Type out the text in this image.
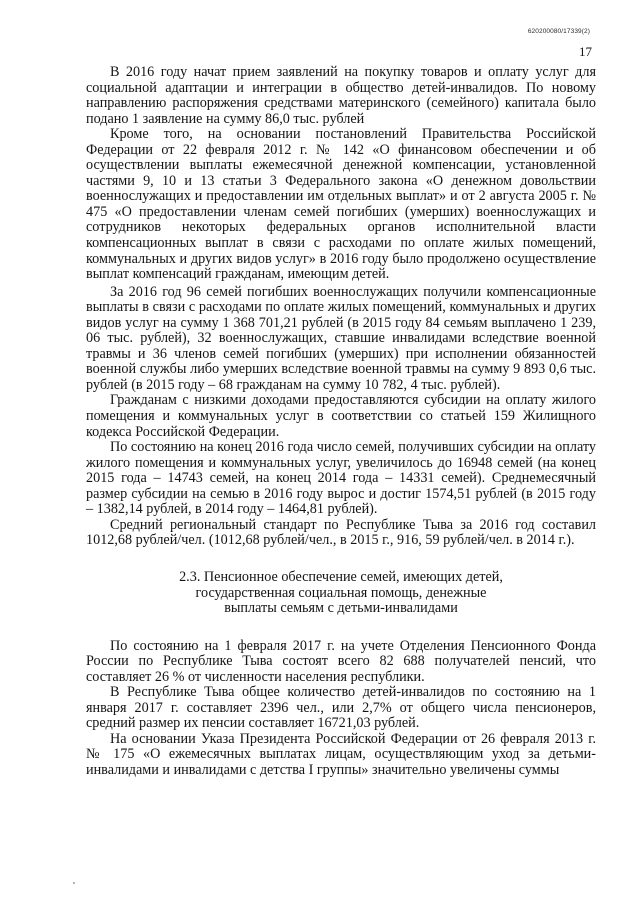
620200080/17339(2)
17

В 2016 году начат прием заявлений на покупку товаров и оплату услуг для социальной адаптации и интеграции в общество детей-инвалидов. По новому направлению распоряжения средствами материнского (семейного) капитала было подано 1 заявление на сумму 86,0 тыс. рублей

Кроме того, на основании постановлений Правительства Российской Федерации от 22 февраля 2012 г. № 142 «О финансовом обеспечении и об осуществлении выплаты ежемесячной денежной компенсации, установленной частями 9, 10 и 13 статьи 3 Федерального закона «О денежном довольствии военнослужащих и предоставлении им отдельных выплат» и от 2 августа 2005 г. № 475 «О предоставлении членам семей погибших (умерших) военнослужащих и сотрудников некоторых федеральных органов исполнительной власти компенсационных выплат в связи с расходами по оплате жилых помещений, коммунальных и других видов услуг» в 2016 году было продолжено осуществление выплат компенсаций гражданам, имеющим детей.

За 2016 год 96 семей погибших военнослужащих получили компенсационные выплаты в связи с расходами по оплате жилых помещений, коммунальных и других видов услуг на сумму 1 368 701,21 рублей (в 2015 году 84 семьям выплачено 1 239, 06 тыс. рублей), 32 военнослужащих, ставшие инвалидами вследствие военной травмы и 36 членов семей погибших (умерших) при исполнении обязанностей военной службы либо умерших вследствие военной травмы на сумму 9 893 0,6 тыс. рублей (в 2015 году – 68 гражданам на сумму 10 782, 4 тыс. рублей).

Гражданам с низкими доходами предоставляются субсидии на оплату жилого помещения и коммунальных услуг в соответствии со статьей 159 Жилищного кодекса Российской Федерации.

По состоянию на конец 2016 года число семей, получивших субсидии на оплату жилого помещения и коммунальных услуг, увеличилось до 16948 семей (на конец 2015 года – 14743 семей, на конец 2014 года – 14331 семей). Среднемесячный размер субсидии на семью в 2016 году вырос и достиг 1574,51 рублей (в 2015 году – 1382,14 рублей, в 2014 году – 1464,81 рублей).

Средний региональный стандарт по Республике Тыва за 2016 год составил 1012,68 рублей/чел. (1012,68 рублей/чел., в 2015 г., 916, 59 рублей/чел. в 2014 г.).

2.3. Пенсионное обеспечение семей, имеющих детей,
государственная социальная помощь, денежные
выплаты семьям с детьми-инвалидами

По состоянию на 1 февраля 2017 г. на учете Отделения Пенсионного Фонда России по Республике Тыва состоят всего 82 688 получателей пенсий, что составляет 26 % от численности населения республики.

В Республике Тыва общее количество детей-инвалидов по состоянию на 1 января 2017 г. составляет 2396 чел., или 2,7% от общего числа пенсионеров, средний размер их пенсии составляет 16721,03 рублей.

На основании Указа Президента Российской Федерации от 26 февраля 2013 г. № 175 «О ежемесячных выплатах лицам, осуществляющим уход за детьми-инвалидами и инвалидами с детства I группы» значительно увеличены суммы
